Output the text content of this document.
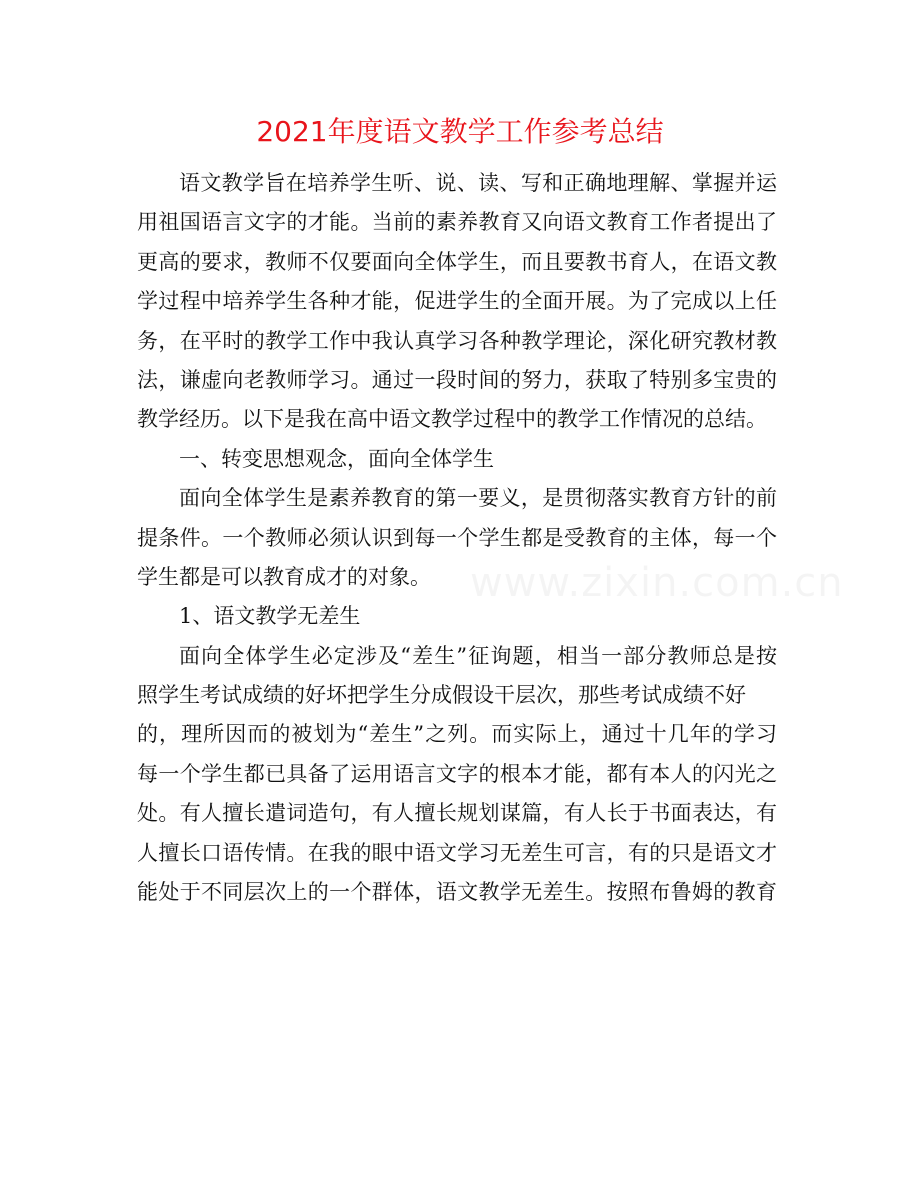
2021年度语文教学工作参考总结
语文教学旨在培养学生听、说、读、写和正确地理解、掌握并运
用祖国语言文字的才能。当前的素养教育又向语文教育工作者提出了
更高的要求，教师不仅要面向全体学生，而且要教书育人，在语文教
学过程中培养学生各种才能，促进学生的全面开展。为了完成以上任
务，在平时的教学工作中我认真学习各种教学理论，深化研究教材教
法，谦虚向老教师学习。通过一段时间的努力，获取了特别多宝贵的
教学经历。以下是我在高中语文教学过程中的教学工作情况的总结。
一、转变思想观念，面向全体学生
面向全体学生是素养教育的第一要义，是贯彻落实教育方针的前
提条件。一个教师必须认识到每一个学生都是受教育的主体，每一个
学生都是可以教育成才的对象。
1、语文教学无差生
面向全体学生必定涉及“差生”征询题，相当一部分教师总是按
照学生考试成绩的好坏把学生分成假设干层次，那些考试成绩不好
的，理所因而的被划为“差生”之列。而实际上，通过十几年的学习
每一个学生都已具备了运用语言文字的根本才能，都有本人的闪光之
处。有人擅长遣词造句，有人擅长规划谋篇，有人长于书面表达，有
人擅长口语传情。在我的眼中语文学习无差生可言，有的只是语文才
能处于不同层次上的一个群体，语文教学无差生。按照布鲁姆的教育
